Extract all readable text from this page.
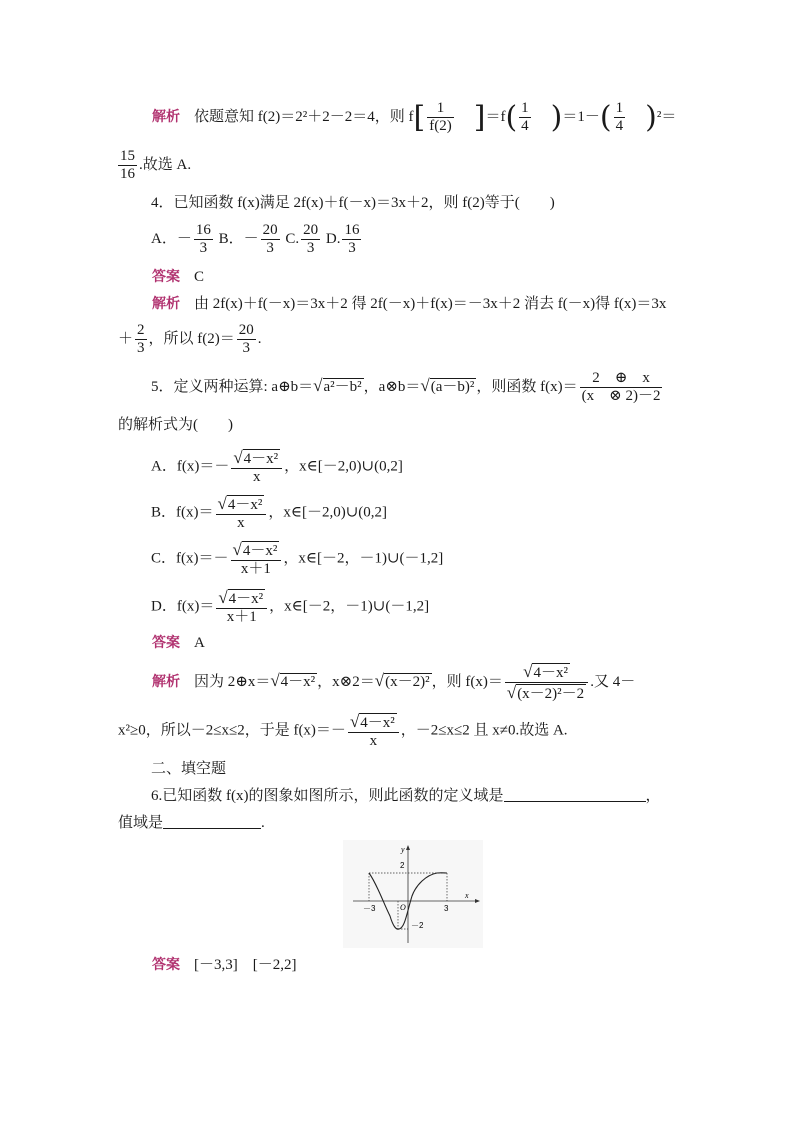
解析 依题意知 f(2)＝2²＋2－2＝4，则 $f[ \frac{1}{f(2)} ]=f( \frac{1}{4} )=1-( \frac{1}{4} )^2=$
$\frac{15}{16}$ .故选 A.
4．已知函数 f(x)满足 2f(x)＋f(－x)＝3x＋2，则 f(2)等于(　　)
A．－ $\frac{16}{3}$ B．－ $\frac{20}{3} C$. $\frac{20}{3} D$. $\frac{16}{3}$
答案 C
解析 由 2f(x)＋f(－x)＝3x＋2 得 2f(－x)＋f(x)＝－3x＋2 消去 f(－x)得 f(x)＝3x
＋ $\frac{2}{3}$ ，所以 $f(2)= \frac{20}{3}$ .
5．定义两种运算: a⊕b＝√a²－b² ，a⊗b＝√(a－b)² ，则函数 $f(x)= \frac{2 \oplus x}{(x \otimes 2)-2}$
的解析式为(　　)
A．$f(x)=- \frac{\text{√4－x²}}{x}$ ，x∈[－2,0)∪(0,2]
B．$f(x)= \frac{\text{√4－x²}}{x}$ ，x∈[－2,0)∪(0,2]
C．$f(x)=- \frac{\text{√4－x²}}{x+1}$ ，x∈[－2，－1)∪(－1,2]
D．$f(x)= \frac{\text{√4－x²}}{x+1}$ ，x∈[－2，－1)∪(－1,2]
答案 A
解析 因为 2⊕x＝√4－x² ，x⊗2＝√(x－2)² ，则 $f(x)= \frac{\text{√4－x²}}{\text{√(x－2)²－2}}$ .又 4－
x²≥0，所以－2≤x≤2，于是 $f(x)=- \frac{\text{√4－x²}}{x}$ ，－2≤x≤2 且 x≠0.故选 A.
二、填空题
6.已知函数 f(x)的图象如图所示，则此函数的定义域是	，
值域是	.
y
x
2
－2
－3	3
O
答案 [－3,3]　[－2,2]
